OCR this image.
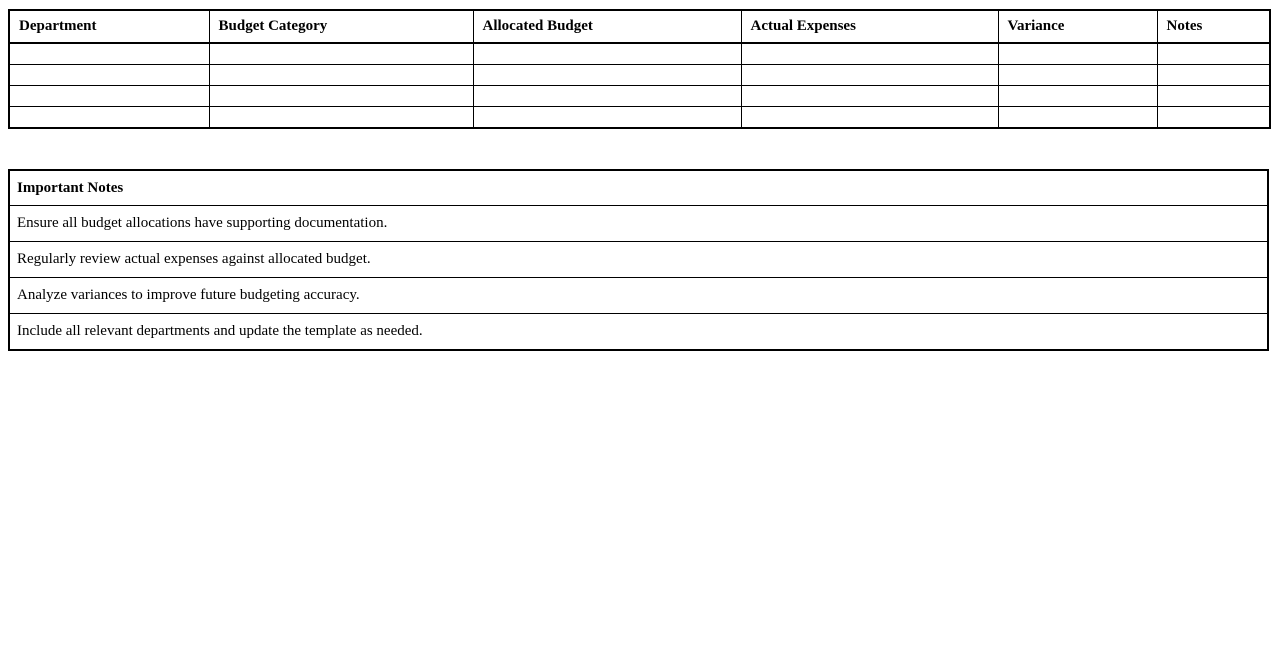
Department	Budget Category	Allocated Budget	Actual Expenses	Variance	Notes

Important Notes
Ensure all budget allocations have supporting documentation.
Regularly review actual expenses against allocated budget.
Analyze variances to improve future budgeting accuracy.
Include all relevant departments and update the template as needed.
